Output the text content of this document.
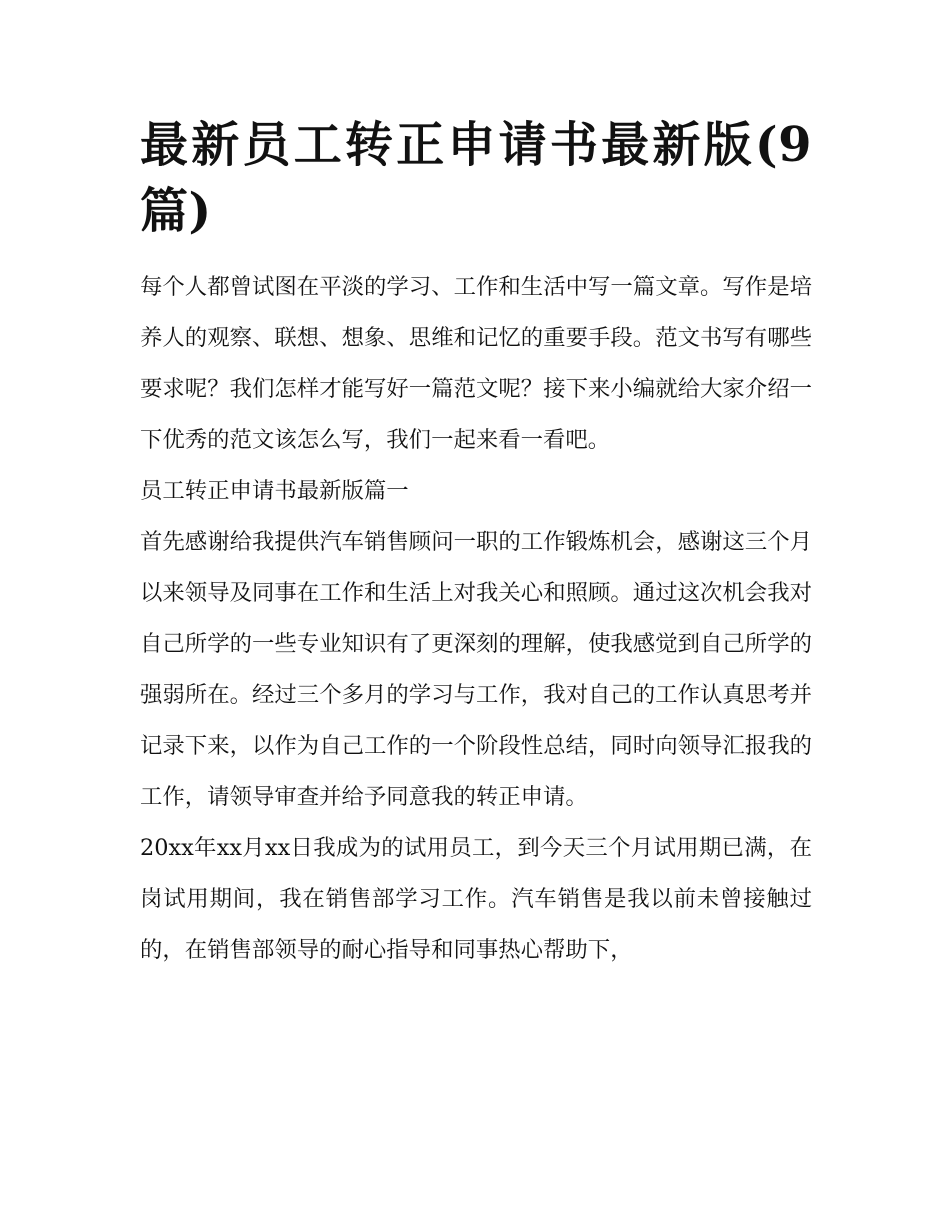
最新员工转正申请书最新版(9篇)

每个人都曾试图在平淡的学习、工作和生活中写一篇文章。写作是培养人的观察、联想、想象、思维和记忆的重要手段。范文书写有哪些要求呢？我们怎样才能写好一篇范文呢？接下来小编就给大家介绍一下优秀的范文该怎么写，我们一起来看一看吧。

员工转正申请书最新版篇一

首先感谢给我提供汽车销售顾问一职的工作锻炼机会，感谢这三个月以来领导及同事在工作和生活上对我关心和照顾。通过这次机会我对自己所学的一些专业知识有了更深刻的理解，使我感觉到自己所学的强弱所在。经过三个多月的学习与工作，我对自己的工作认真思考并记录下来，以作为自己工作的一个阶段性总结，同时向领导汇报我的工作，请领导审查并给予同意我的转正申请。

20xx年xx月xx日我成为的试用员工，到今天三个月试用期已满，在岗试用期间，我在销售部学习工作。汽车销售是我以前未曾接触过的，在销售部领导的耐心指导和同事热心帮助下，
